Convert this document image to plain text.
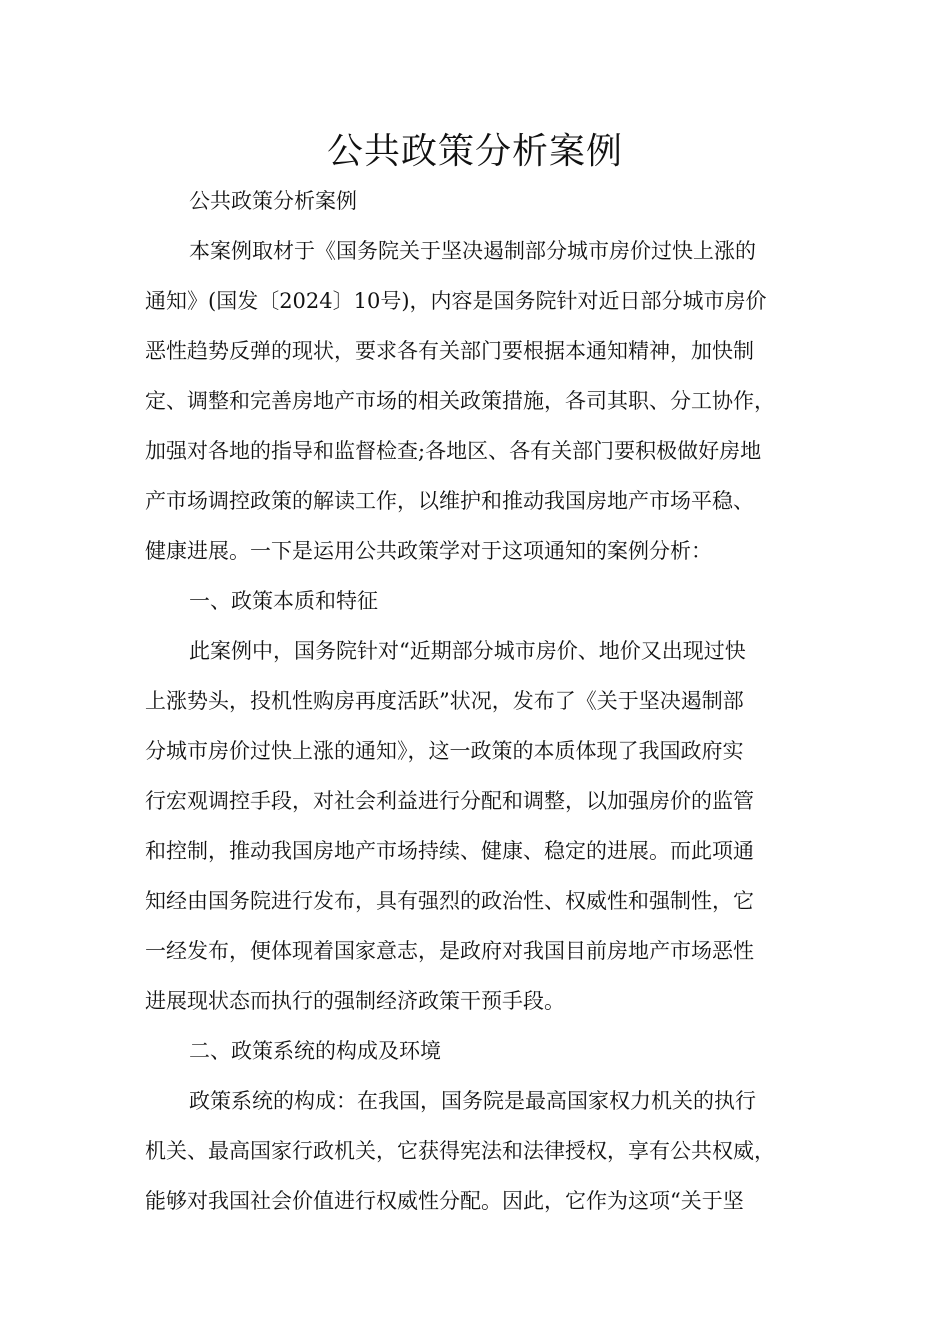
公共政策分析案例

公共政策分析案例

本案例取材于《国务院关于坚决遏制部分城市房价过快上涨的
通知》(国发〔2024〕10号)，内容是国务院针对近日部分城市房价
恶性趋势反弹的现状，要求各有关部门要根据本通知精神，加快制
定、调整和完善房地产市场的相关政策措施，各司其职、分工协作，
加强对各地的指导和监督检查;各地区、各有关部门要积极做好房地
产市场调控政策的解读工作，以维护和推动我国房地产市场平稳、
健康进展。一下是运用公共政策学对于这项通知的案例分析：

一、政策本质和特征

此案例中，国务院针对“近期部分城市房价、地价又出现过快
上涨势头，投机性购房再度活跃”状况，发布了《关于坚决遏制部
分城市房价过快上涨的通知》，这一政策的本质体现了我国政府实
行宏观调控手段，对社会利益进行分配和调整，以加强房价的监管
和控制，推动我国房地产市场持续、健康、稳定的进展。而此项通
知经由国务院进行发布，具有强烈的政治性、权威性和强制性，它
一经发布，便体现着国家意志，是政府对我国目前房地产市场恶性
进展现状态而执行的强制经济政策干预手段。

二、政策系统的构成及环境

政策系统的构成：在我国，国务院是最高国家权力机关的执行
机关、最高国家行政机关，它获得宪法和法律授权，享有公共权威，
能够对我国社会价值进行权威性分配。因此，它作为这项“关于坚
